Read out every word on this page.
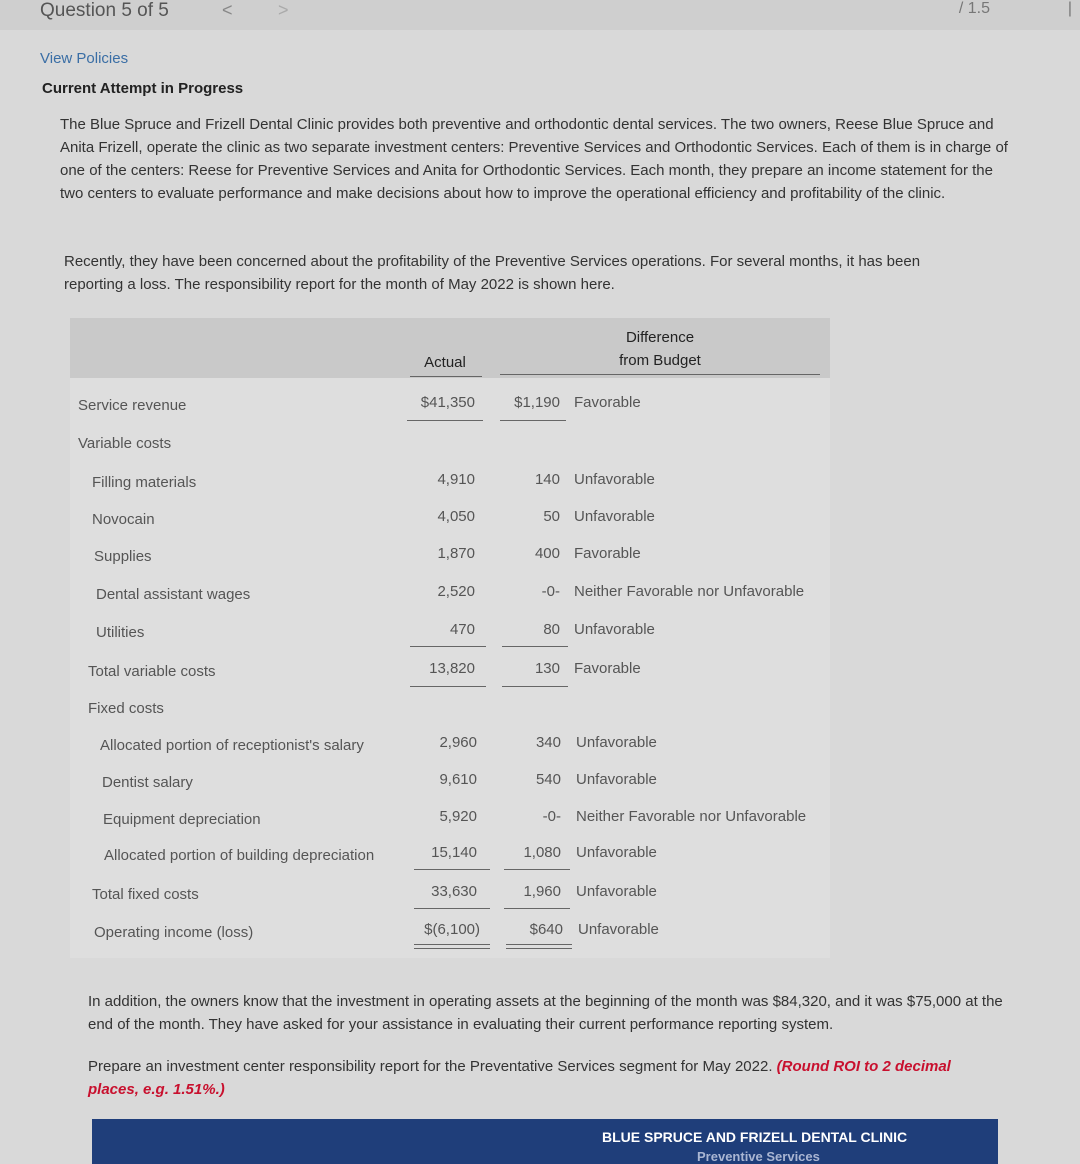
Question 5 of 5	<	>	/ 1.5	|
View Policies
Current Attempt in Progress
The Blue Spruce and Frizell Dental Clinic provides both preventive and orthodontic dental services. The two owners, Reese Blue Spruce and Anita Frizell, operate the clinic as two separate investment centers: Preventive Services and Orthodontic Services. Each of them is in charge of one of the centers: Reese for Preventive Services and Anita for Orthodontic Services. Each month, they prepare an income statement for the two centers to evaluate performance and make decisions about how to improve the operational efficiency and profitability of the clinic.
Recently, they have been concerned about the profitability of the Preventive Services operations. For several months, it has been reporting a loss. The responsibility report for the month of May 2022 is shown here.
Actual
Difference
from Budget
Service revenue	$41,350	$1,190 Favorable
Variable costs
Filling materials	4,910	140 Unfavorable
Novocain	4,050	50 Unfavorable
Supplies	1,870	400 Favorable
Dental assistant wages	2,520	-0- Neither Favorable nor Unfavorable
Utilities	470	80 Unfavorable
Total variable costs	13,820	130 Favorable
Fixed costs
Allocated portion of receptionist's salary	2,960	340 Unfavorable
Dentist salary	9,610	540 Unfavorable
Equipment depreciation	5,920	-0- Neither Favorable nor Unfavorable
Allocated portion of building depreciation	15,140	1,080 Unfavorable
Total fixed costs	33,630	1,960 Unfavorable
Operating income (loss)	$(6,100)	$640 Unfavorable
In addition, the owners know that the investment in operating assets at the beginning of the month was $84,320, and it was $75,000 at the end of the month. They have asked for your assistance in evaluating their current performance reporting system.
Prepare an investment center responsibility report for the Preventative Services segment for May 2022. (Round ROI to 2 decimal places, e.g. 1.51%.)
BLUE SPRUCE AND FRIZELL DENTAL CLINIC
Preventive Services
